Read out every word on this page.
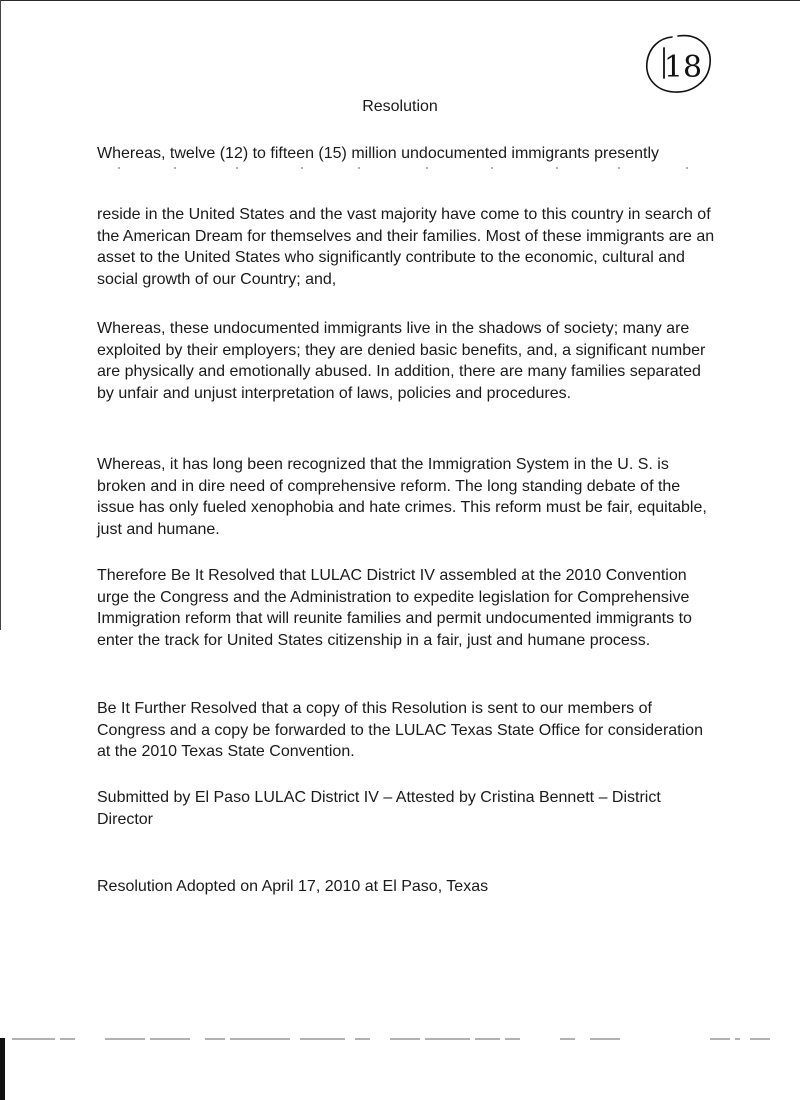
18
Resolution

Whereas, twelve (12) to fifteen (15) million undocumented immigrants presently

reside in the United States and the vast majority have come to this country in search of the American Dream for themselves and their families. Most of these immigrants are an asset to the United States who significantly contribute to the economic, cultural and social growth of our Country; and,

Whereas, these undocumented immigrants live in the shadows of society; many are exploited by their employers; they are denied basic benefits, and, a significant number are physically and emotionally abused. In addition, there are many families separated by unfair and unjust interpretation of laws, policies and procedures.

Whereas, it has long been recognized that the Immigration System in the U. S. is broken and in dire need of comprehensive reform. The long standing debate of the issue has only fueled xenophobia and hate crimes. This reform must be fair, equitable, just and humane.

Therefore Be It Resolved that LULAC District IV assembled at the 2010 Convention urge the Congress and the Administration to expedite legislation for Comprehensive Immigration reform that will reunite families and permit undocumented immigrants to enter the track for United States citizenship in a fair, just and humane process.

Be It Further Resolved that a copy of this Resolution is sent to our members of Congress and a copy be forwarded to the LULAC Texas State Office for consideration at the 2010 Texas State Convention.

Submitted by El Paso LULAC District IV – Attested by Cristina Bennett – District Director

Resolution Adopted on April 17, 2010 at El Paso, Texas
